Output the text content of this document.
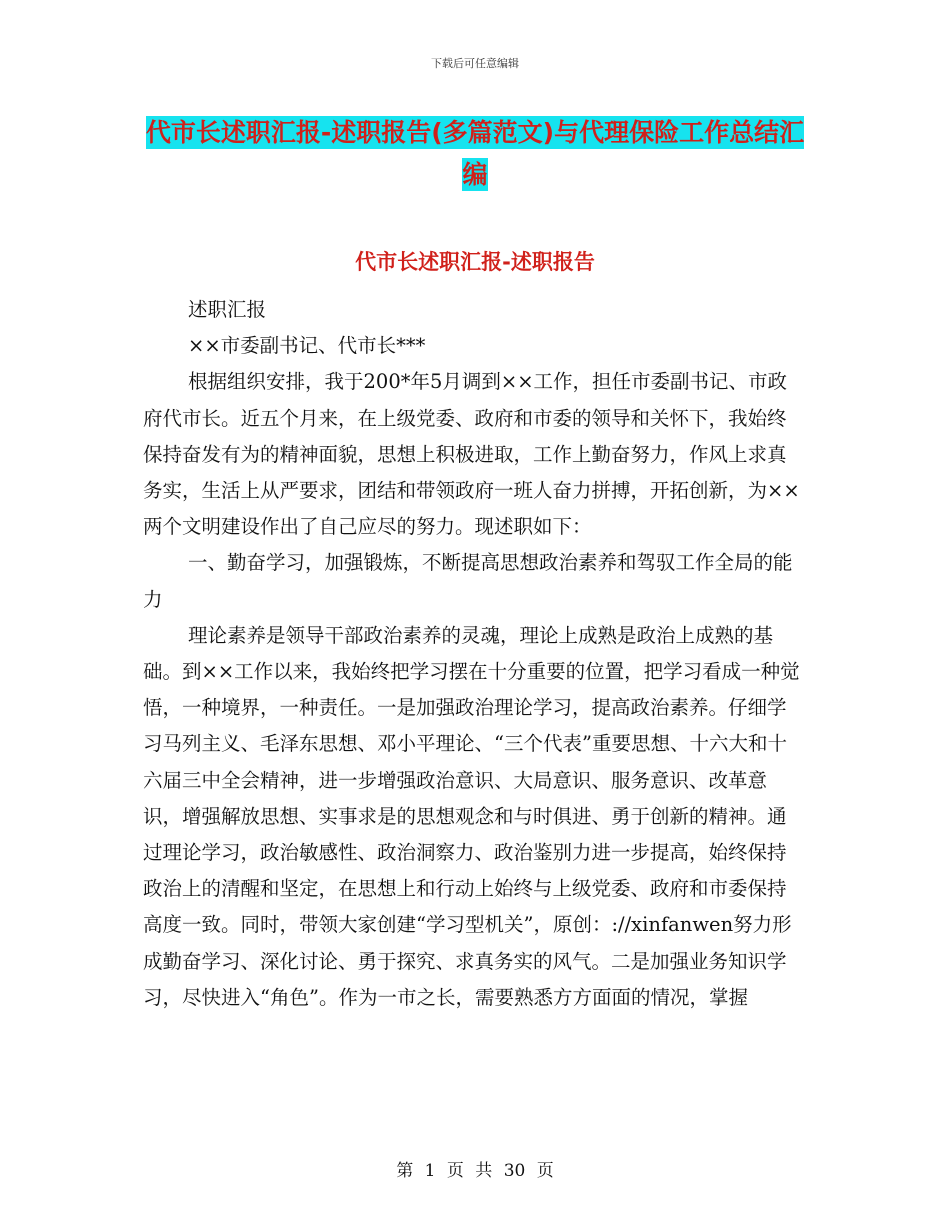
下载后可任意编辑
代市长述职汇报-述职报告(多篇范文)与代理保险工作总结汇编
代市长述职汇报-述职报告

述职汇报

××市委副书记、代市长***

根据组织安排，我于200*年5月调到××工作，担任市委副书记、市政府代市长。近五个月来，在上级党委、政府和市委的领导和关怀下，我始终保持奋发有为的精神面貌，思想上积极进取，工作上勤奋努力，作风上求真务实，生活上从严要求，团结和带领政府一班人奋力拼搏，开拓创新，为××两个文明建设作出了自己应尽的努力。现述职如下：

一、勤奋学习，加强锻炼，不断提高思想政治素养和驾驭工作全局的能力

理论素养是领导干部政治素养的灵魂，理论上成熟是政治上成熟的基础。到××工作以来，我始终把学习摆在十分重要的位置，把学习看成一种觉悟，一种境界，一种责任。一是加强政治理论学习，提高政治素养。仔细学习马列主义、毛泽东思想、邓小平理论、“三个代表”重要思想、十六大和十六届三中全会精神，进一步增强政治意识、大局意识、服务意识、改革意识，增强解放思想、实事求是的思想观念和与时俱进、勇于创新的精神。通过理论学习，政治敏感性、政治洞察力、政治鉴别力进一步提高，始终保持政治上的清醒和坚定，在思想上和行动上始终与上级党委、政府和市委保持高度一致。同时，带领大家创建“学习型机关”，原创：://xinfanwen努力形成勤奋学习、深化讨论、勇于探究、求真务实的风气。二是加强业务知识学习，尽快进入“角色”。作为一市之长，需要熟悉方方面面的情况，掌握

第 1 页 共 30 页
